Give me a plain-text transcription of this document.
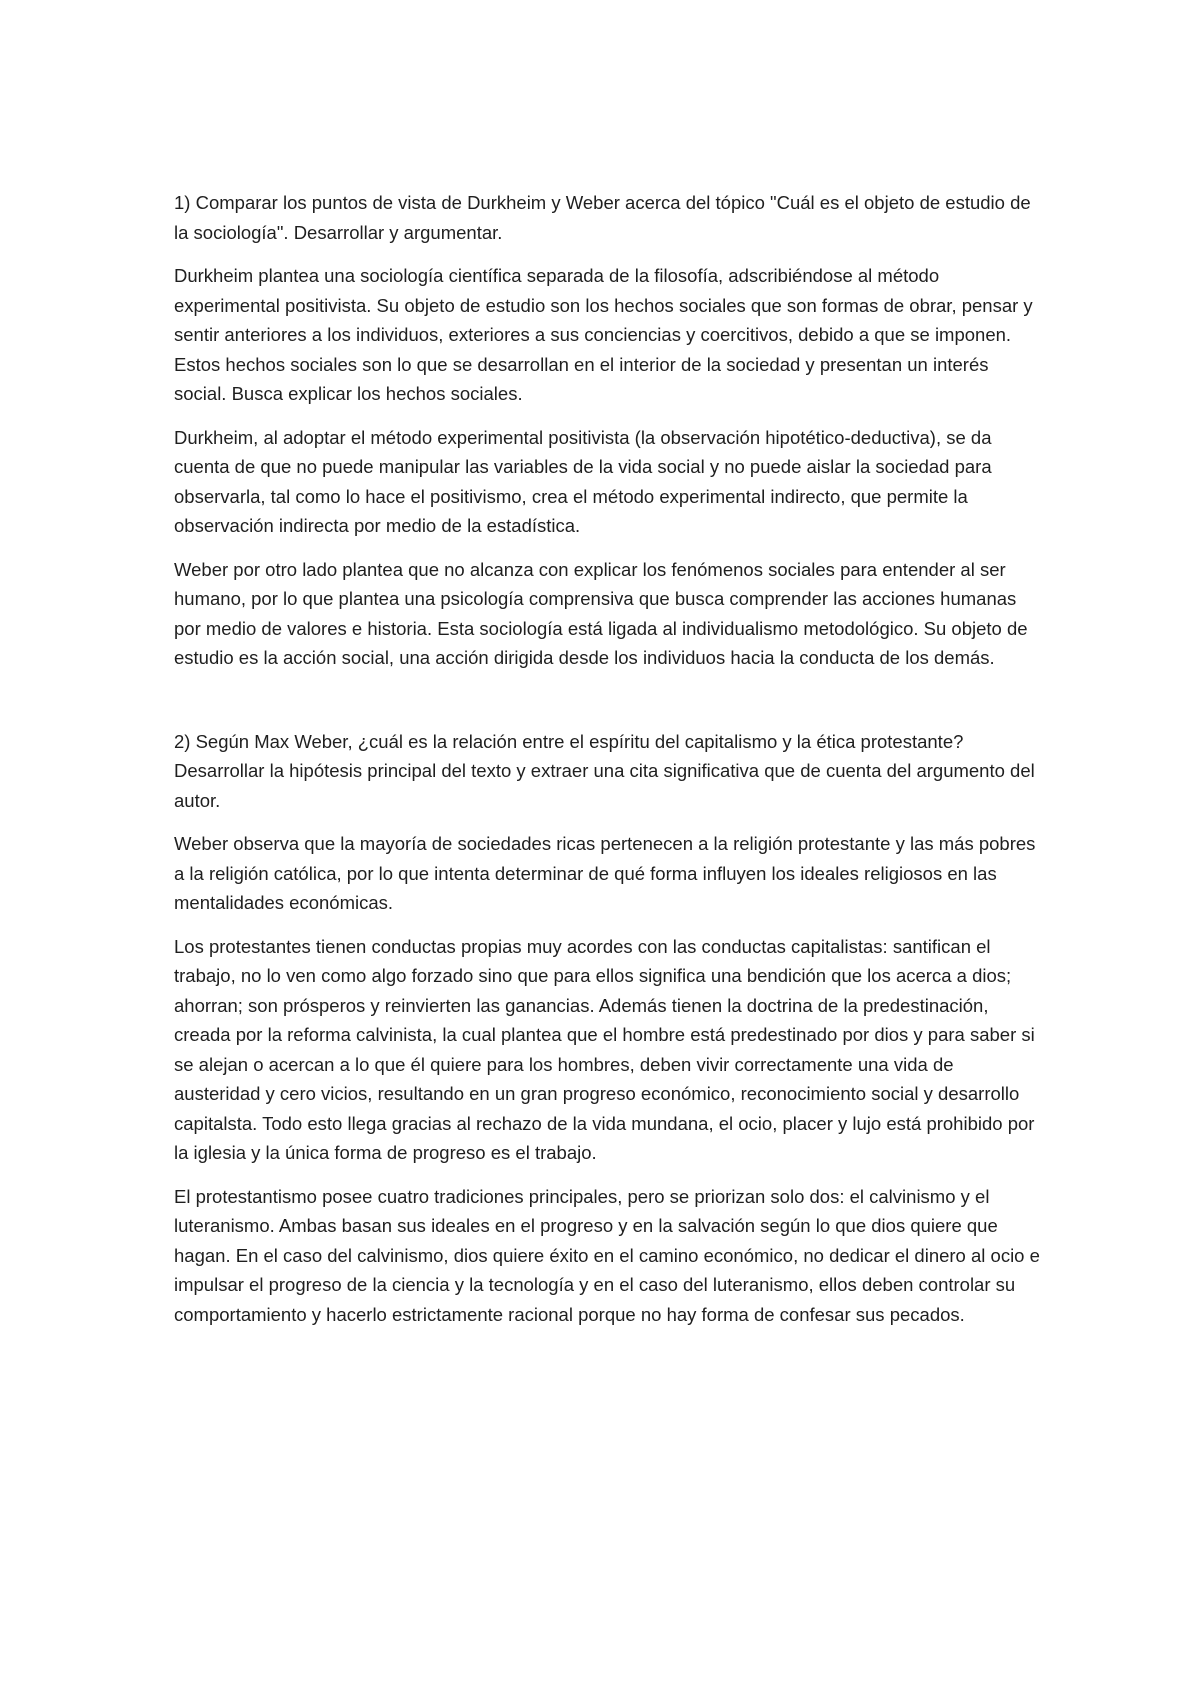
1) Comparar los puntos de vista de Durkheim y Weber acerca del tópico "Cuál es el objeto de estudio de la sociología". Desarrollar y argumentar.

Durkheim plantea una sociología científica separada de la filosofía, adscribiéndose al método experimental positivista. Su objeto de estudio son los hechos sociales que son formas de obrar, pensar y sentir anteriores a los individuos, exteriores a sus conciencias y coercitivos, debido a que se imponen. Estos hechos sociales son lo que se desarrollan en el interior de la sociedad y presentan un interés social. Busca explicar los hechos sociales.

Durkheim, al adoptar el método experimental positivista (la observación hipotético-deductiva), se da cuenta de que no puede manipular las variables de la vida social y no puede aislar la sociedad para observarla, tal como lo hace el positivismo, crea el método experimental indirecto, que permite la observación indirecta por medio de la estadística.

Weber por otro lado plantea que no alcanza con explicar los fenómenos sociales para entender al ser humano, por lo que plantea una psicología comprensiva que busca comprender las acciones humanas por medio de valores e historia. Esta sociología está ligada al individualismo metodológico. Su objeto de estudio es la acción social, una acción dirigida desde los individuos hacia la conducta de los demás.

2) Según Max Weber, ¿cuál es la relación entre el espíritu del capitalismo y la ética protestante? Desarrollar la hipótesis principal del texto y extraer una cita significativa que de cuenta del argumento del autor.

Weber observa que la mayoría de sociedades ricas pertenecen a la religión protestante y las más pobres a la religión católica, por lo que intenta determinar de qué forma influyen los ideales religiosos en las mentalidades económicas.

Los protestantes tienen conductas propias muy acordes con las conductas capitalistas: santifican el trabajo, no lo ven como algo forzado sino que para ellos significa una bendición que los acerca a dios; ahorran; son prósperos y reinvierten las ganancias. Además tienen la doctrina de la predestinación, creada por la reforma calvinista, la cual plantea que el hombre está predestinado por dios y para saber si se alejan o acercan a lo que él quiere para los hombres, deben vivir correctamente una vida de austeridad y cero vicios, resultando en un gran progreso económico, reconocimiento social y desarrollo capitalsta. Todo esto llega gracias al rechazo de la vida mundana, el ocio, placer y lujo está prohibido por la iglesia y la única forma de progreso es el trabajo.

El protestantismo posee cuatro tradiciones principales, pero se priorizan solo dos: el calvinismo y el luteranismo. Ambas basan sus ideales en el progreso y en la salvación según lo que dios quiere que hagan. En el caso del calvinismo, dios quiere éxito en el camino económico, no dedicar el dinero al ocio e impulsar el progreso de la ciencia y la tecnología y en el caso del luteranismo, ellos deben controlar su comportamiento y hacerlo estrictamente racional porque no hay forma de confesar sus pecados.
